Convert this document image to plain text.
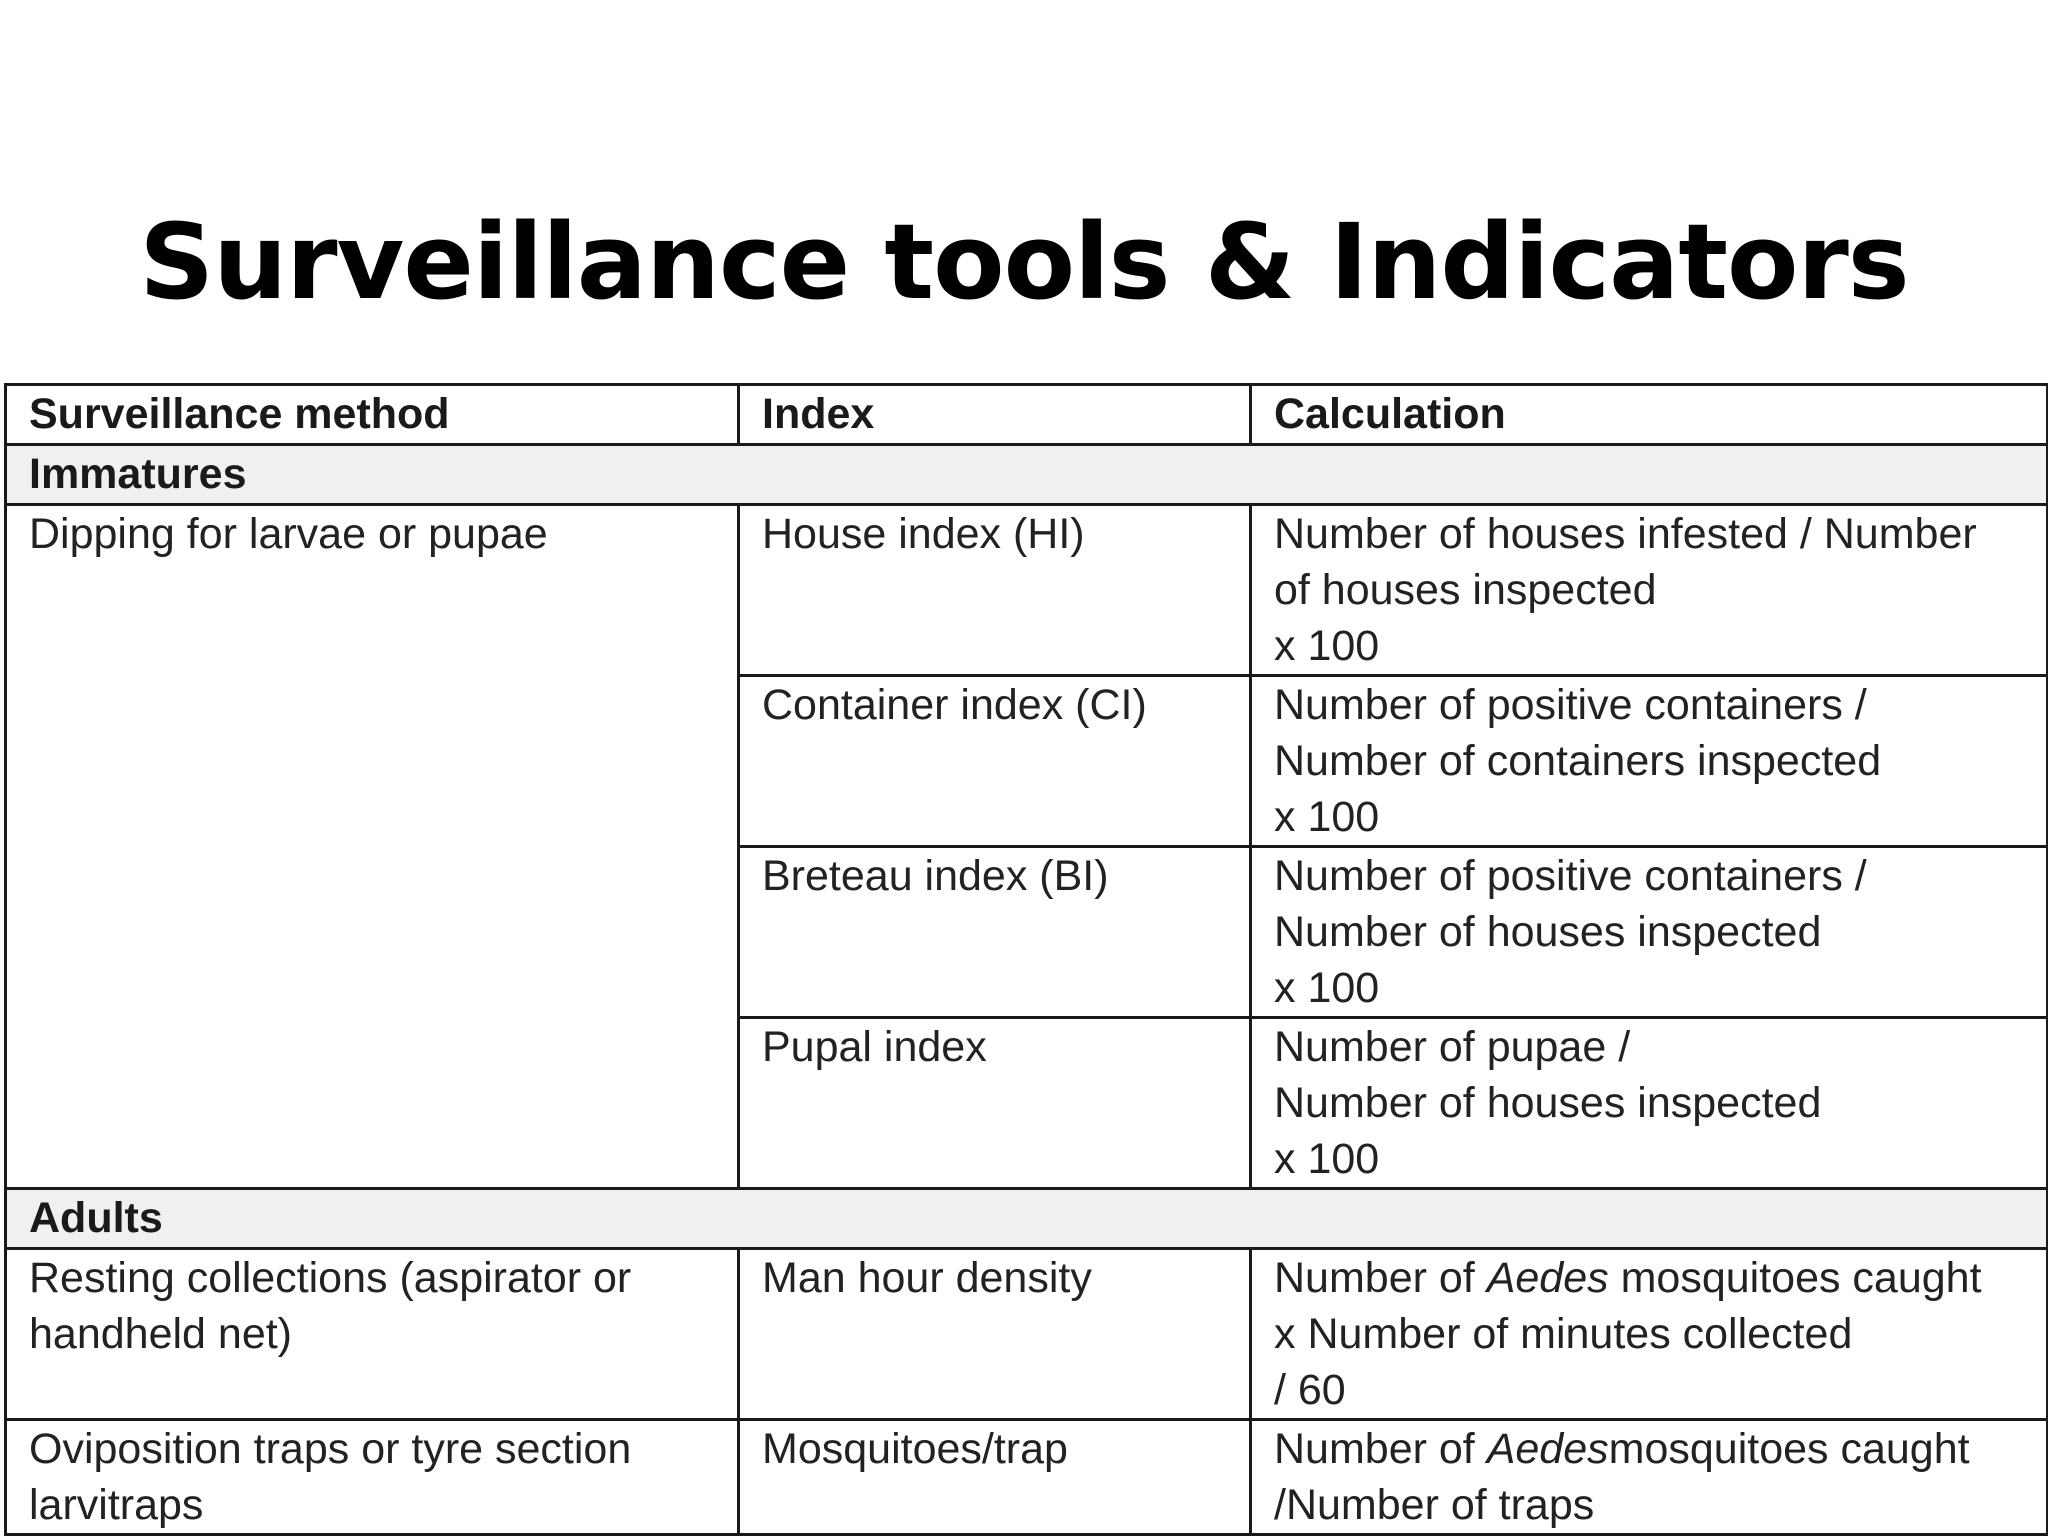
Surveillance tools & Indicators
Surveillance method	Index	Calculation
Immatures		
Dipping for larvae or pupae	House index (HI)	Number of houses infested / Number
of houses inspected
x 100

	Container index (CI)	Number of positive containers /
Number of containers inspected
x 100

	Breteau index (BI)	Number of positive containers /
Number of houses inspected
x 100

	Pupal index	Number of pupae /
Number of houses inspected
x 100

Adults		

Resting collections (aspirator or
handheld net)	Man hour density	Number of Aedes mosquitoes caught
x Number of minutes collected
/ 60

Oviposition traps or tyre section
larvitraps	Mosquitoes/trap	Number of Aedesmosquitoes caught
/Number of traps
